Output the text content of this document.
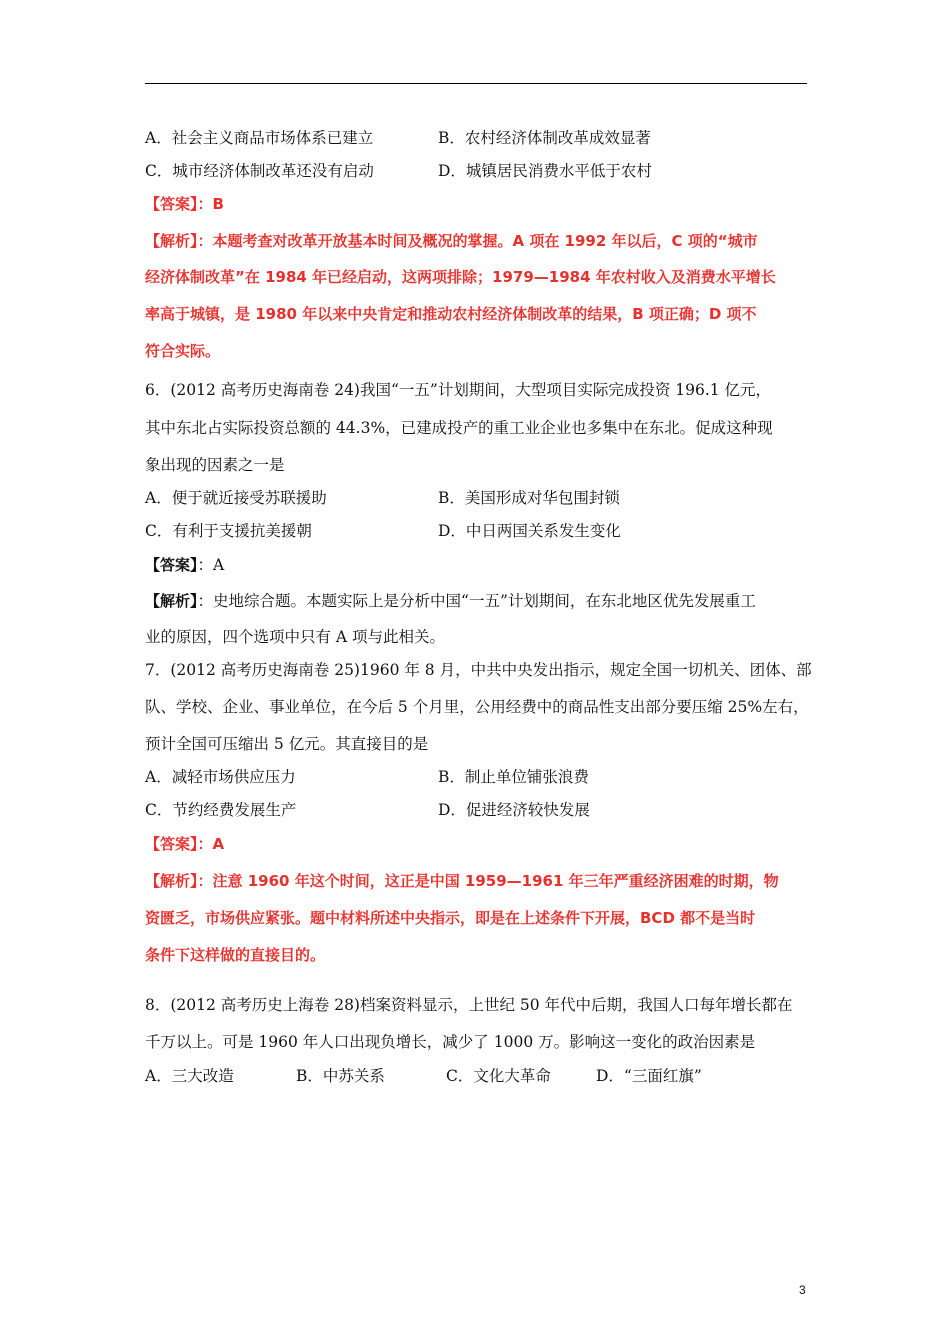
A．社会主义商品市场体系已建立	B．农村经济体制改革成效显著
C．城市经济体制改革还没有启动	D．城镇居民消费水平低于农村
【答案】：B
【解析】：本题考查对改革开放基本时间及概况的掌握。A 项在 1992 年以后，C 项的“城市
经济体制改革”在 1984 年已经启动，这两项排除；1979—1984 年农村收入及消费水平增长
率高于城镇，是 1980 年以来中央肯定和推动农村经济体制改革的结果，B 项正确；D 项不
符合实际。
6．(2012 高考历史海南卷 24)我国“一五”计划期间，大型项目实际完成投资 196.1 亿元，
其中东北占实际投资总额的 44.3%，已建成投产的重工业企业也多集中在东北。促成这种现
象出现的因素之一是
A．便于就近接受苏联援助	B．美国形成对华包围封锁
C．有利于支援抗美援朝	D．中日两国关系发生变化
【答案】：A
【解析】：史地综合题。本题实际上是分析中国“一五”计划期间，在东北地区优先发展重工
业的原因，四个选项中只有 A 项与此相关。
7．(2012 高考历史海南卷 25)1960 年 8 月，中共中央发出指示，规定全国一切机关、团体、部
队、学校、企业、事业单位，在今后 5 个月里，公用经费中的商品性支出部分要压缩 25%左右，
预计全国可压缩出 5 亿元。其直接目的是
A．减轻市场供应压力	B．制止单位铺张浪费
C．节约经费发展生产	D．促进经济较快发展
【答案】：A
【解析】：注意 1960 年这个时间，这正是中国 1959—1961 年三年严重经济困难的时期，物
资匮乏，市场供应紧张。题中材料所述中央指示，即是在上述条件下开展，BCD 都不是当时
条件下这样做的直接目的。
8．(2012 高考历史上海卷 28)档案资料显示，上世纪 50 年代中后期，我国人口每年增长都在
千万以上。可是 1960 年人口出现负增长，减少了 1000 万。影响这一变化的政治因素是
A．三大改造	B．中苏关系	C．文化大革命	D．“三面红旗”
3
